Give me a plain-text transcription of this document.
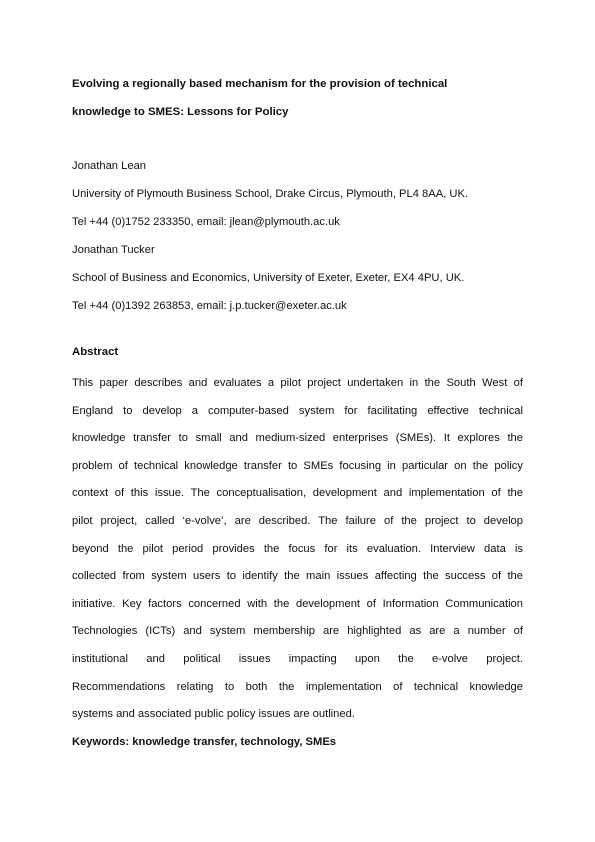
Evolving a regionally based mechanism for the provision of technical
knowledge to SMES: Lessons for Policy
Jonathan Lean
University of Plymouth Business School, Drake Circus, Plymouth, PL4 8AA, UK.
Tel +44 (0)1752 233350, email: jlean@plymouth.ac.uk
Jonathan Tucker
School of Business and Economics, University of Exeter, Exeter, EX4 4PU, UK.
Tel +44 (0)1392 263853, email: j.p.tucker@exeter.ac.uk
Abstract
This paper describes and evaluates a pilot project undertaken in the South West of
England to develop a computer-based system for facilitating effective technical
knowledge transfer to small and medium-sized enterprises (SMEs). It explores the
problem of technical knowledge transfer to SMEs focusing in particular on the policy
context of this issue. The conceptualisation, development and implementation of the
pilot project, called ‘e-volve’, are described. The failure of the project to develop
beyond the pilot period provides the focus for its evaluation. Interview data is
collected from system users to identify the main issues affecting the success of the
initiative. Key factors concerned with the development of Information Communication
Technologies (ICTs) and system membership are highlighted as are a number of
institutional and political issues impacting upon the e-volve project.
Recommendations relating to both the implementation of technical knowledge
systems and associated public policy issues are outlined.
Keywords: knowledge transfer, technology, SMEs
